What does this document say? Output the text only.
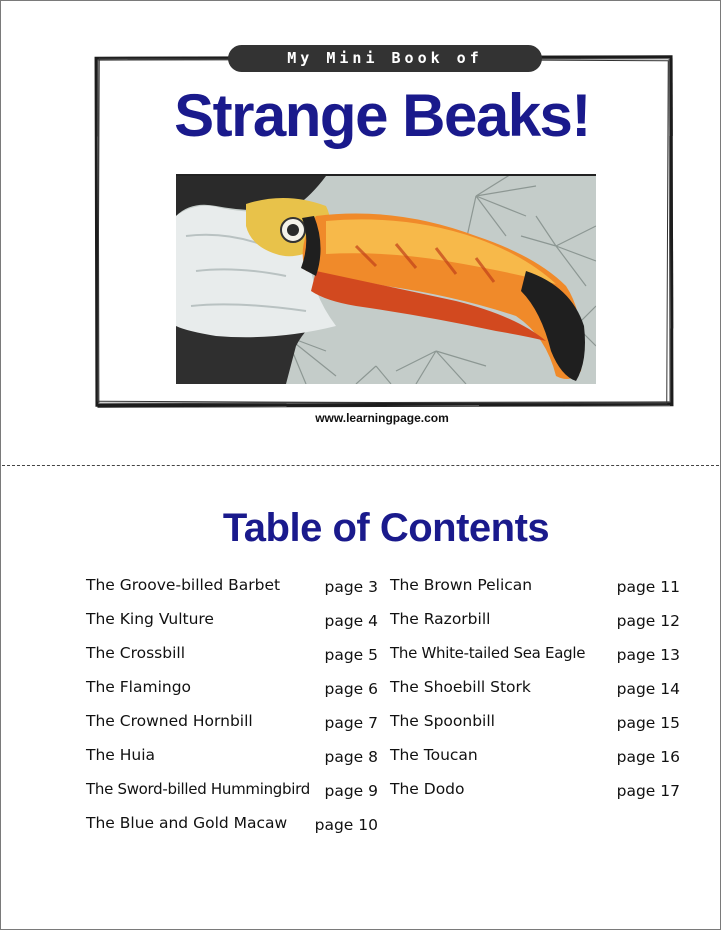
My Mini Book of
Strange Beaks!
www.learningpage.com
Table of Contents
The Groove-billed Barbet	page 3
The King Vulture	page 4
The Crossbill	page 5
The Flamingo	page 6
The Crowned Hornbill	page 7
The Huia	page 8
The Sword-billed Hummingbird page 9
The Blue and Gold Macaw page 10
The Brown Pelican	page 11
The Razorbill	page 12
The White-tailed Sea Eagle page 13
The Shoebill Stork	page 14
The Spoonbill	page 15
The Toucan	page 16
The Dodo	page 17
